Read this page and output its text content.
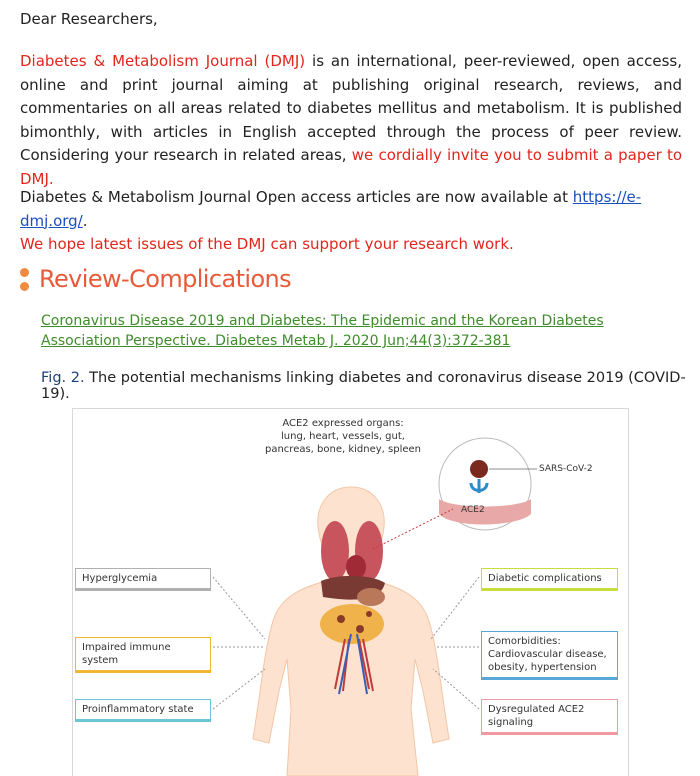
Dear Researchers,
Diabetes & Metabolism Journal (DMJ) is an international, peer-reviewed, open access, online and print journal aiming at publishing original research, reviews, and commentaries on all areas related to diabetes mellitus and metabolism. It is published bimonthly, with articles in English accepted through the process of peer review. Considering your research in related areas, we cordially invite you to submit a paper to DMJ.
Diabetes & Metabolism Journal Open access articles are now available at https://e-dmj.org/.
We hope latest issues of the DMJ can support your research work.
Review-Complications
Coronavirus Disease 2019 and Diabetes: The Epidemic and the Korean Diabetes Association Perspective. Diabetes Metab J. 2020 Jun;44(3):372-381
Fig. 2. The potential mechanisms linking diabetes and coronavirus disease 2019 (COVID-19).
ACE2 expressed organs:
lung, heart, vessels, gut,
pancreas, bone, kidney, spleen
SARS-CoV-2
ACE2
Hyperglycemia
Impaired immune system
Proinflammatory state
Diabetic complications
Comorbidities: Cardiovascular disease, obesity, hypertension
Dysregulated ACE2 signaling
